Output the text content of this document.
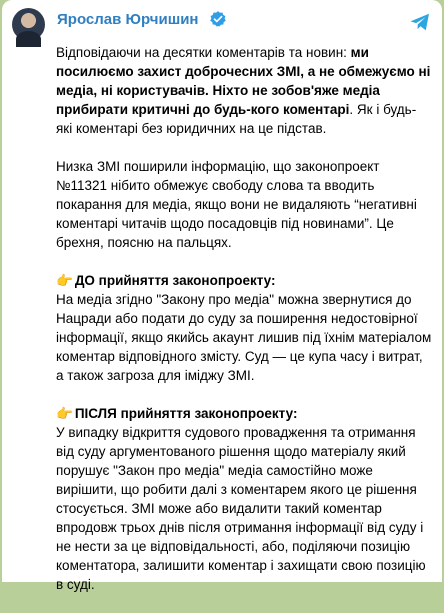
Ярослав Юрчишин

Відповідаючи на десятки коментарів та новин: ми посилюємо захист доброчесних ЗМІ, а не обмежуємо ні медіа, ні користувачів. Ніхто не зобов'яже медіа прибирати критичні до будь-кого коментарі. Як і будь-які коментарі без юридичних на це підстав.

Низка ЗМІ поширили інформацію, що законопроект №11321 нібито обмежує свободу слова та вводить покарання для медіа, якщо вони не видаляють “негативні коментарі читачів щодо посадовців під новинами”. Це брехня, поясню на пальцях.

👉 ДО прийняття законопроекту:
На медіа згідно "Закону про медіа" можна звернутися до Нацради або подати до суду за поширення недостовірної інформації, якщо якийсь акаунт лишив під їхнім матеріалом коментар відповідного змісту. Суд — це купа часу і витрат, а також загроза для іміджу ЗМІ.

👉 ПІСЛЯ прийняття законопроекту:
У випадку відкриття судового провадження та отримання від суду аргументованого рішення щодо матеріалу який порушує "Закон про медіа" медіа самостійно може вирішити, що робити далі з коментарем якого це рішення стосується. ЗМІ може або видалити такий коментар впродовж трьох днів після отримання інформації від суду і не нести за це відповідальності, або, поділяючи позицію коментатора, залишити коментар і захищати свою позицію в суді.
